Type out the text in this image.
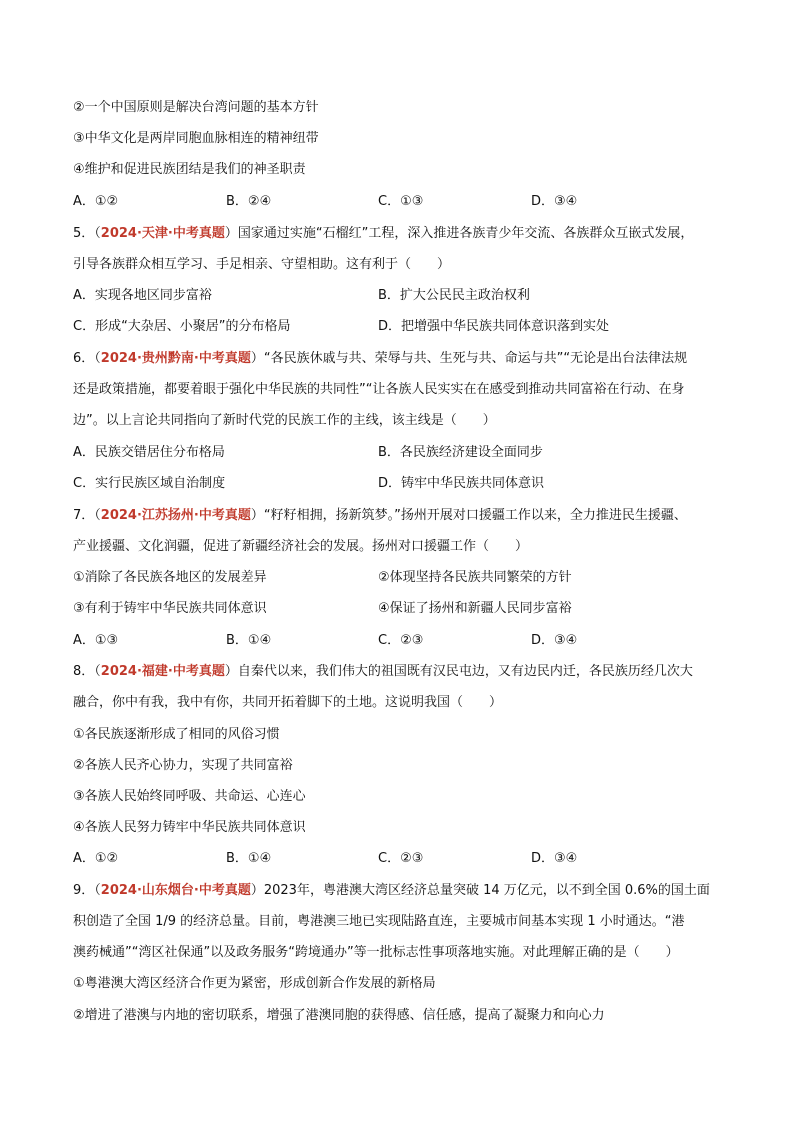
②一个中国原则是解决台湾问题的基本方针
③中华文化是两岸同胞血脉相连的精神纽带
④维护和促进民族团结是我们的神圣职责
A．①②	B．②④	C．①③	D．③④
5．（2024·天津·中考真题）国家通过实施“石榴红”工程，深入推进各族青少年交流、各族群众互嵌式发展，
引导各族群众相互学习、手足相亲、守望相助。这有利于（　　）
A．实现各地区同步富裕	B．扩大公民民主政治权利
C．形成“大杂居、小聚居”的分布格局	D．把增强中华民族共同体意识落到实处
6．（2024·贵州黔南·中考真题）“各民族休戚与共、荣辱与共、生死与共、命运与共”“无论是出台法律法规
还是政策措施，都要着眼于强化中华民族的共同性”“让各族人民实实在在感受到推动共同富裕在行动、在身
边”。以上言论共同指向了新时代党的民族工作的主线，该主线是（　　）
A．民族交错居住分布格局	B．各民族经济建设全面同步
C．实行民族区域自治制度	D．铸牢中华民族共同体意识
7．（2024·江苏扬州·中考真题）“籽籽相拥，扬新筑梦。”扬州开展对口援疆工作以来，全力推进民生援疆、
产业援疆、文化润疆，促进了新疆经济社会的发展。扬州对口援疆工作（　　）
①消除了各民族各地区的发展差异	②体现坚持各民族共同繁荣的方针
③有利于铸牢中华民族共同体意识	④保证了扬州和新疆人民同步富裕
A．①③	B．①④	C．②③	D．③④
8．（2024·福建·中考真题）自秦代以来，我们伟大的祖国既有汉民屯边，又有边民内迁，各民族历经几次大
融合，你中有我，我中有你，共同开拓着脚下的土地。这说明我国（　　）
①各民族逐渐形成了相同的风俗习惯
②各族人民齐心协力，实现了共同富裕
③各族人民始终同呼吸、共命运、心连心
④各族人民努力铸牢中华民族共同体意识
A．①②	B．①④	C．②③	D．③④
9．（2024·山东烟台·中考真题）2023年，粤港澳大湾区经济总量突破 14 万亿元，以不到全国 0.6%的国土面
积创造了全国 1/9 的经济总量。目前，粤港澳三地已实现陆路直连，主要城市间基本实现 1 小时通达。“港
澳药械通”“湾区社保通”以及政务服务“跨境通办”等一批标志性事项落地实施。对此理解正确的是（　　）
①粤港澳大湾区经济合作更为紧密，形成创新合作发展的新格局
②增进了港澳与内地的密切联系，增强了港澳同胞的获得感、信任感，提高了凝聚力和向心力
